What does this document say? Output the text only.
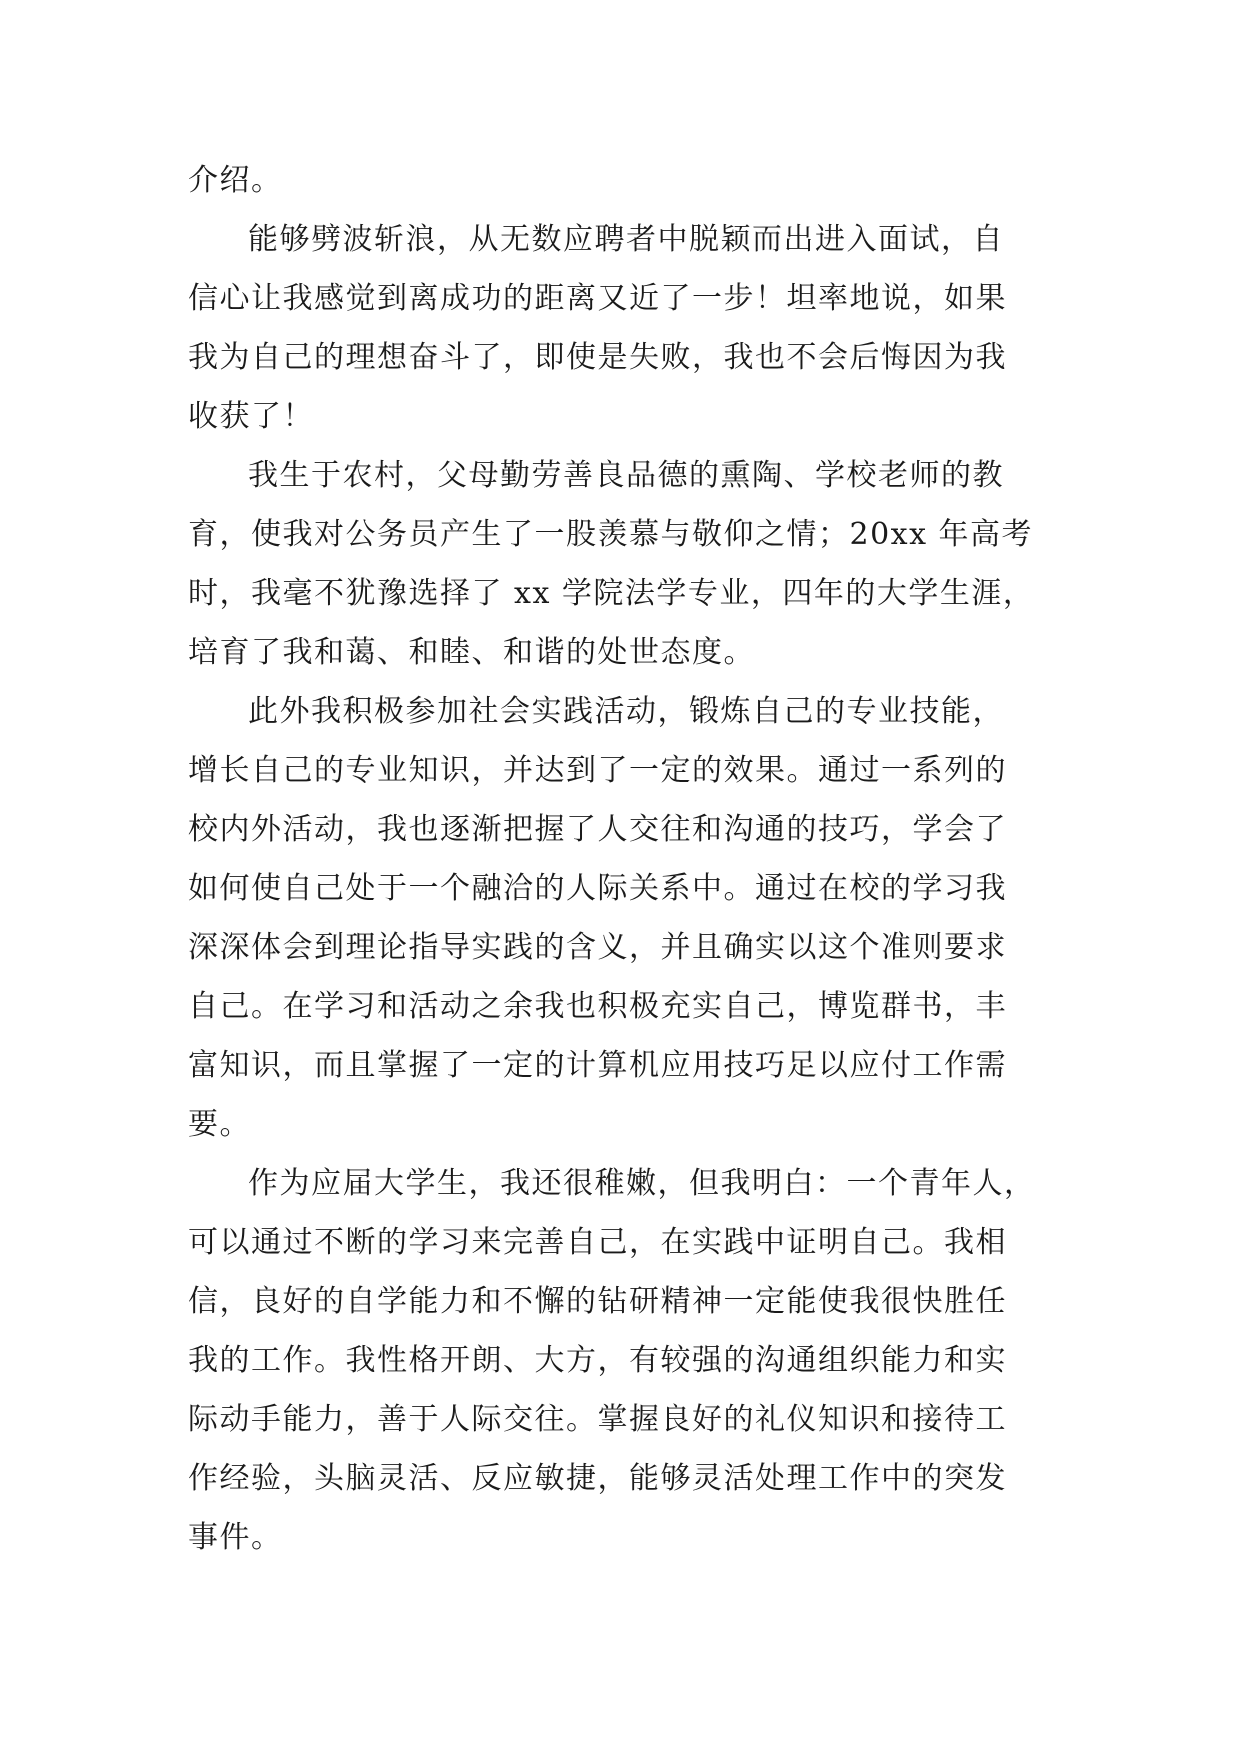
介绍。
能够劈波斩浪，从无数应聘者中脱颖而出进入面试，自
信心让我感觉到离成功的距离又近了一步！坦率地说，如果
我为自己的理想奋斗了，即使是失败，我也不会后悔因为我
收获了！
我生于农村，父母勤劳善良品德的熏陶、学校老师的教
育，使我对公务员产生了一股羡慕与敬仰之情；20xx 年高考
时，我毫不犹豫选择了 xx 学院法学专业，四年的大学生涯，
培育了我和蔼、和睦、和谐的处世态度。
此外我积极参加社会实践活动，锻炼自己的专业技能，
增长自己的专业知识，并达到了一定的效果。通过一系列的
校内外活动，我也逐渐把握了人交往和沟通的技巧，学会了
如何使自己处于一个融洽的人际关系中。通过在校的学习我
深深体会到理论指导实践的含义，并且确实以这个准则要求
自己。在学习和活动之余我也积极充实自己，博览群书，丰
富知识，而且掌握了一定的计算机应用技巧足以应付工作需
要。
作为应届大学生，我还很稚嫩，但我明白：一个青年人，
可以通过不断的学习来完善自己，在实践中证明自己。我相
信，良好的自学能力和不懈的钻研精神一定能使我很快胜任
我的工作。我性格开朗、大方，有较强的沟通组织能力和实
际动手能力，善于人际交往。掌握良好的礼仪知识和接待工
作经验，头脑灵活、反应敏捷，能够灵活处理工作中的突发
事件。
